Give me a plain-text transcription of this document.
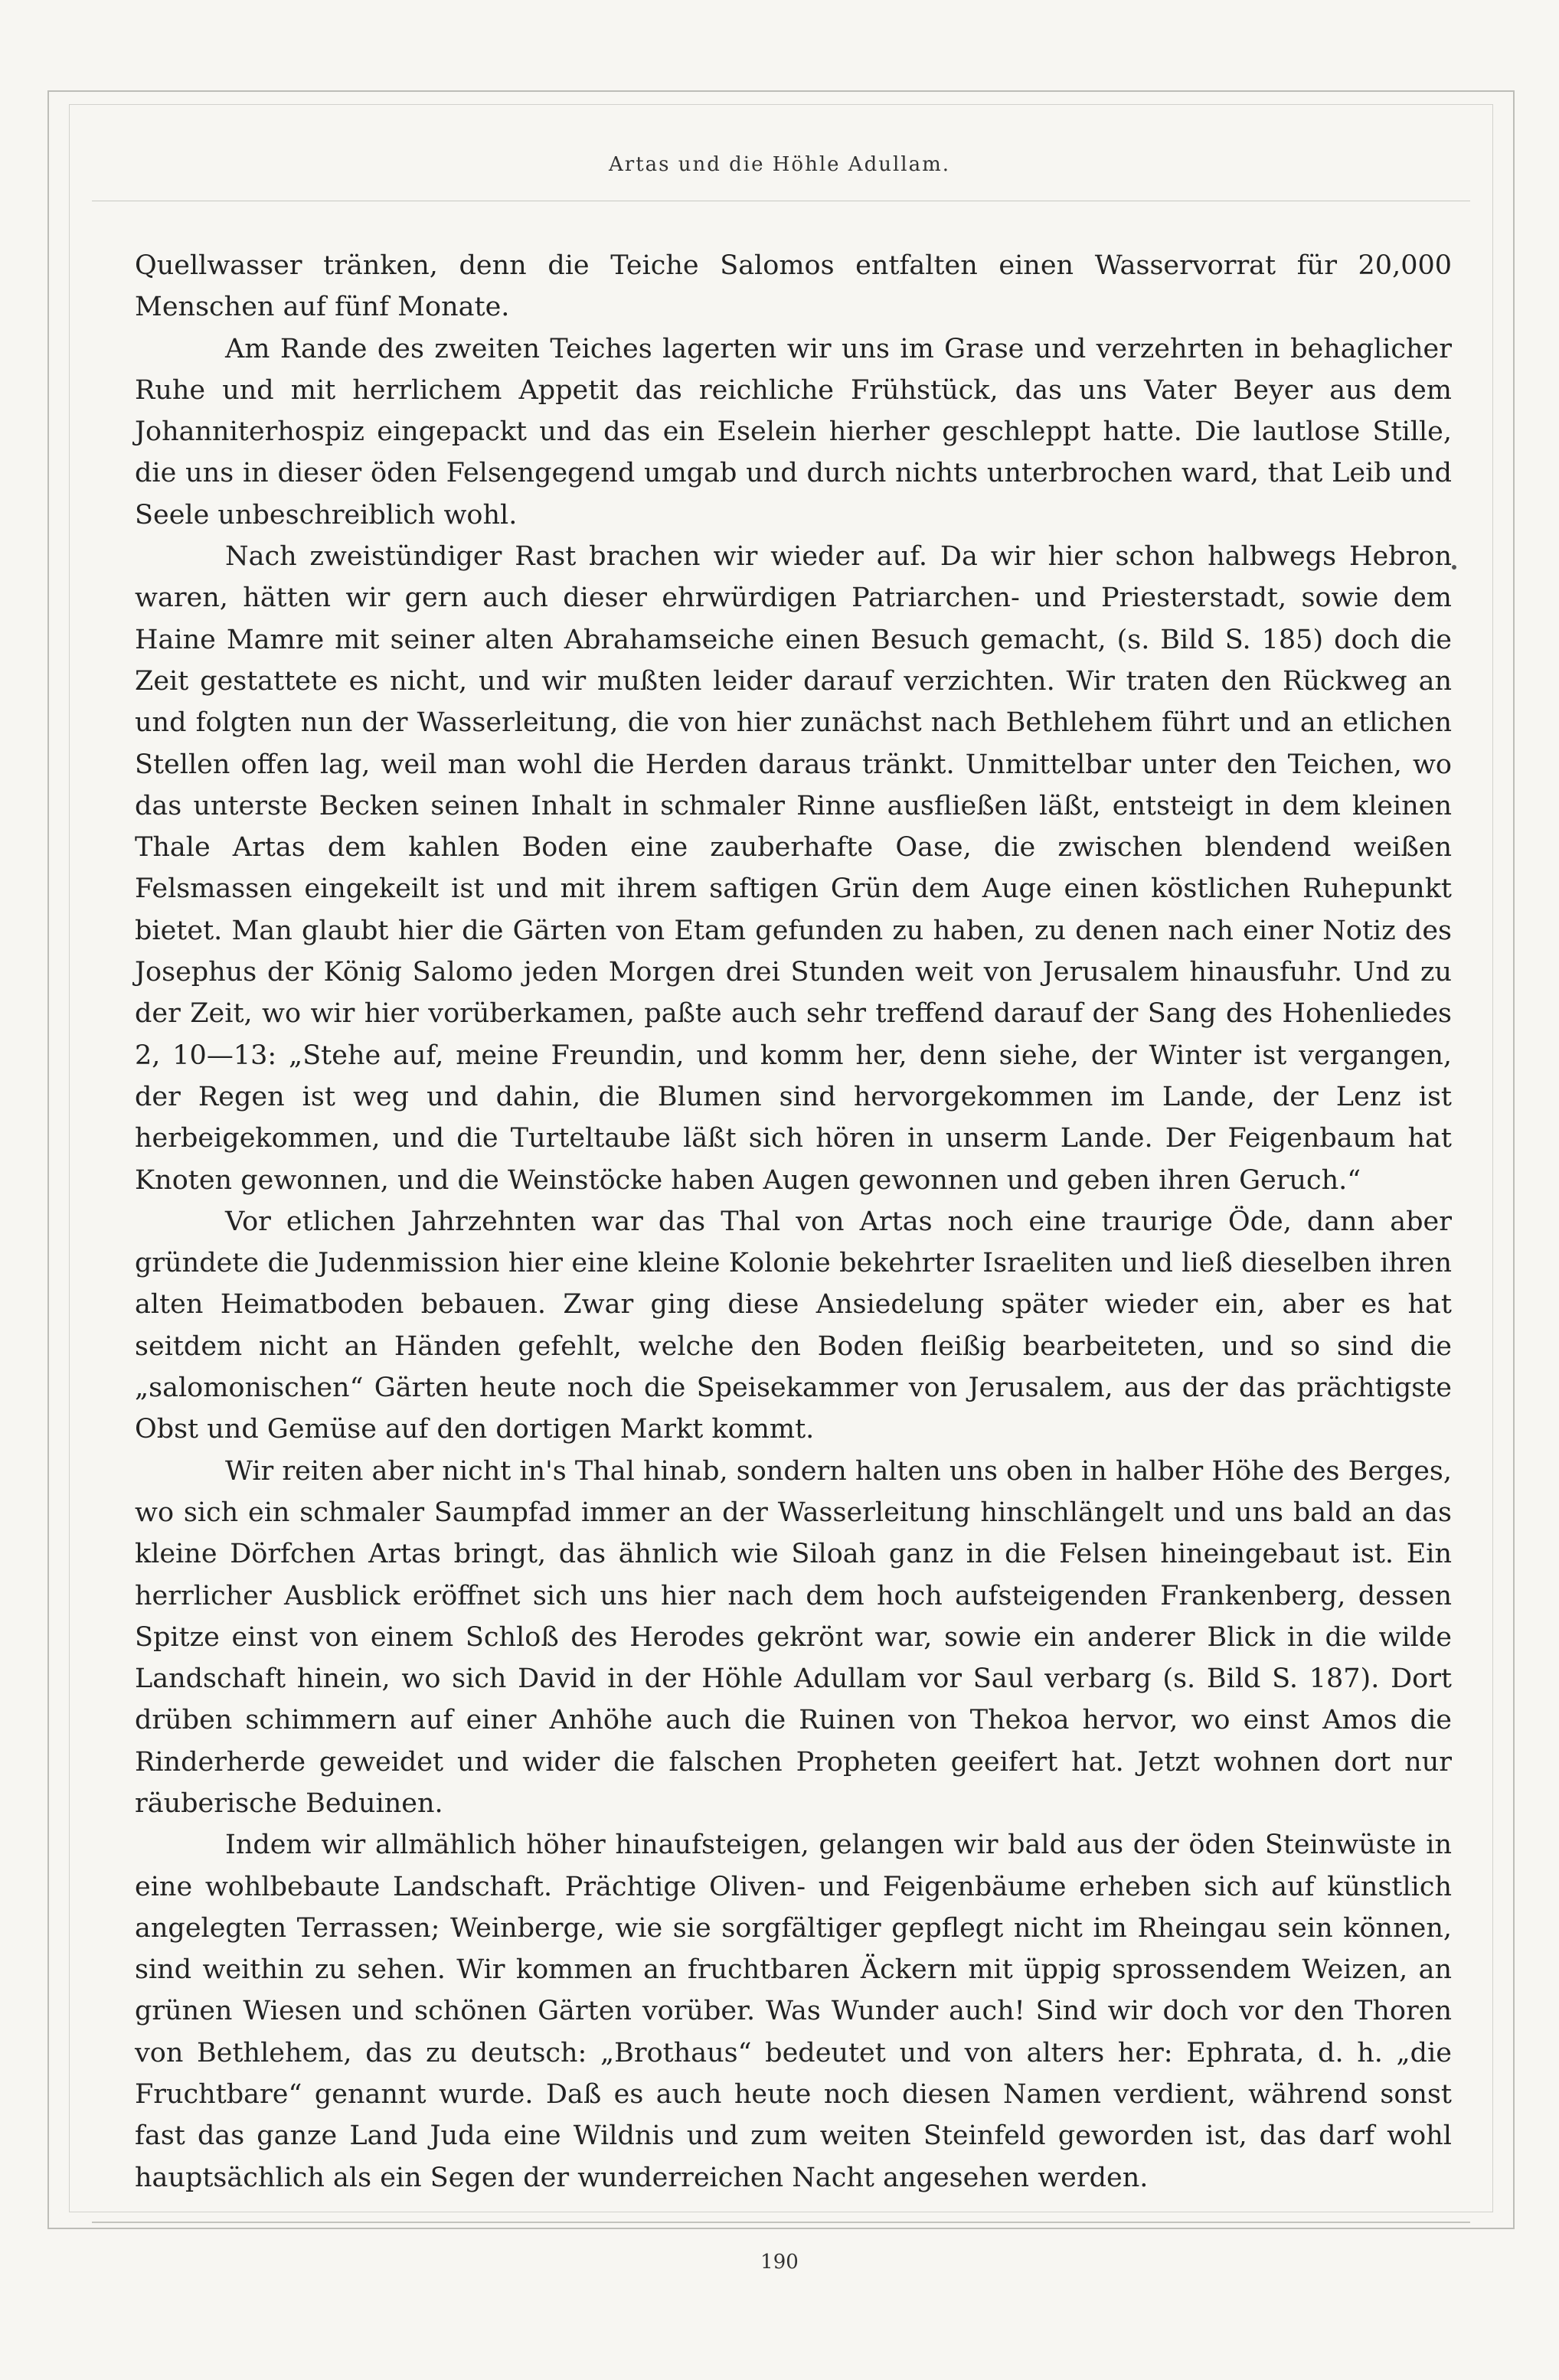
Artas und die Höhle Adullam.

Quellwasser tränken, denn die Teiche Salomos entfalten einen Wasservorrat für 20,000 Menschen auf fünf Monate.

Am Rande des zweiten Teiches lagerten wir uns im Grase und verzehrten in behaglicher Ruhe und mit herrlichem Appetit das reichliche Frühstück, das uns Vater Beyer aus dem Johanniterhospiz eingepackt und das ein Eselein hierher geschleppt hatte. Die lautlose Stille, die uns in dieser öden Felsengegend umgab und durch nichts unterbrochen ward, that Leib und Seele unbeschreiblich wohl.

Nach zweistündiger Rast brachen wir wieder auf. Da wir hier schon halbwegs Hebron waren, hätten wir gern auch dieser ehrwürdigen Patriarchen- und Priesterstadt, sowie dem Haine Mamre mit seiner alten Abrahamseiche einen Besuch gemacht, (s. Bild S. 185) doch die Zeit gestattete es nicht, und wir mußten leider darauf verzichten. Wir traten den Rückweg an und folgten nun der Wasserleitung, die von hier zunächst nach Bethlehem führt und an etlichen Stellen offen lag, weil man wohl die Herden daraus tränkt. Unmittelbar unter den Teichen, wo das unterste Becken seinen Inhalt in schmaler Rinne ausfließen läßt, entsteigt in dem kleinen Thale Artas dem kahlen Boden eine zauberhafte Oase, die zwischen blendend weißen Felsmassen eingekeilt ist und mit ihrem saftigen Grün dem Auge einen köstlichen Ruhepunkt bietet. Man glaubt hier die Gärten von Etam gefunden zu haben, zu denen nach einer Notiz des Josephus der König Salomo jeden Morgen drei Stunden weit von Jerusalem hinausfuhr. Und zu der Zeit, wo wir hier vorüberkamen, paßte auch sehr treffend darauf der Sang des Hohenliedes 2, 10—13: „Stehe auf, meine Freundin, und komm her, denn siehe, der Winter ist vergangen, der Regen ist weg und dahin, die Blumen sind hervorgekommen im Lande, der Lenz ist herbeigekommen, und die Turteltaube läßt sich hören in unserm Lande. Der Feigenbaum hat Knoten gewonnen, und die Weinstöcke haben Augen gewonnen und geben ihren Geruch.“

Vor etlichen Jahrzehnten war das Thal von Artas noch eine traurige Öde, dann aber gründete die Judenmission hier eine kleine Kolonie bekehrter Israeliten und ließ dieselben ihren alten Heimatboden bebauen. Zwar ging diese Ansiedelung später wieder ein, aber es hat seitdem nicht an Händen gefehlt, welche den Boden fleißig bearbeiteten, und so sind die „salomonischen“ Gärten heute noch die Speisekammer von Jerusalem, aus der das prächtigste Obst und Gemüse auf den dortigen Markt kommt.

Wir reiten aber nicht in's Thal hinab, sondern halten uns oben in halber Höhe des Berges, wo sich ein schmaler Saumpfad immer an der Wasserleitung hinschlängelt und uns bald an das kleine Dörfchen Artas bringt, das ähnlich wie Siloah ganz in die Felsen hineingebaut ist. Ein herrlicher Ausblick eröffnet sich uns hier nach dem hoch aufsteigenden Frankenberg, dessen Spitze einst von einem Schloß des Herodes gekrönt war, sowie ein anderer Blick in die wilde Landschaft hinein, wo sich David in der Höhle Adullam vor Saul verbarg (s. Bild S. 187). Dort drüben schimmern auf einer Anhöhe auch die Ruinen von Thekoa hervor, wo einst Amos die Rinderherde geweidet und wider die falschen Propheten geeifert hat. Jetzt wohnen dort nur räuberische Beduinen.

Indem wir allmählich höher hinaufsteigen, gelangen wir bald aus der öden Steinwüste in eine wohlbebaute Landschaft. Prächtige Oliven- und Feigenbäume erheben sich auf künstlich angelegten Terrassen; Weinberge, wie sie sorgfältiger gepflegt nicht im Rheingau sein können, sind weithin zu sehen. Wir kommen an fruchtbaren Äckern mit üppig sprossendem Weizen, an grünen Wiesen und schönen Gärten vorüber. Was Wunder auch! Sind wir doch vor den Thoren von Bethlehem, das zu deutsch: „Brothaus“ bedeutet und von alters her: Ephrata, d. h. „die Fruchtbare“ genannt wurde. Daß es auch heute noch diesen Namen verdient, während sonst fast das ganze Land Juda eine Wildnis und zum weiten Steinfeld geworden ist, das darf wohl hauptsächlich als ein Segen der wunderreichen Nacht angesehen werden.

190
